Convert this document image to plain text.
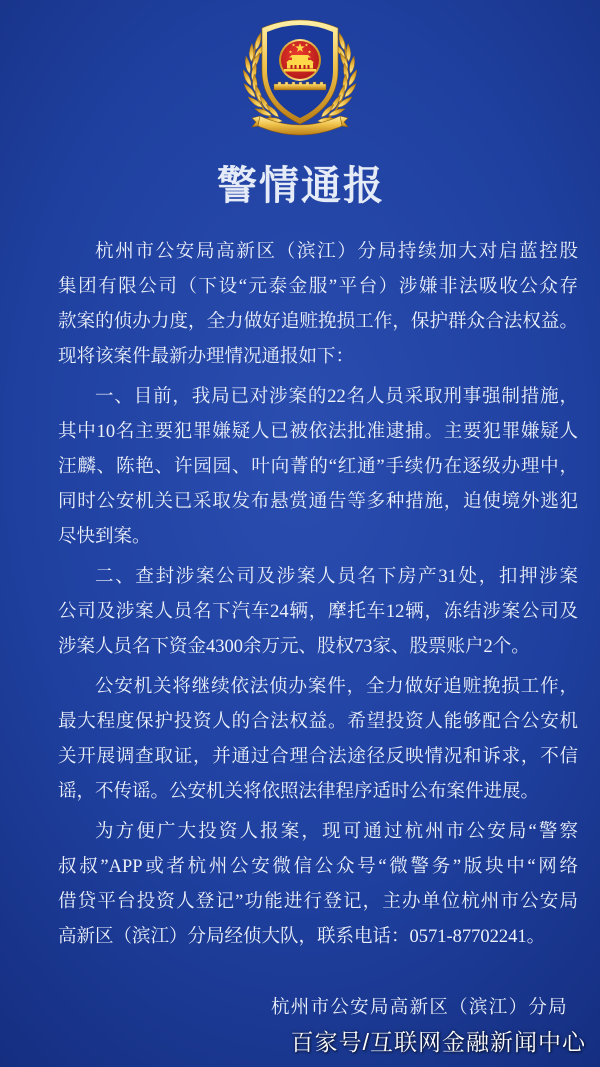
警情通报
杭州市公安局高新区（滨江）分局持续加大对启蓝控股
集团有限公司（下设“元泰金服”平台）涉嫌非法吸收公众存
款案的侦办力度，全力做好追赃挽损工作，保护群众合法权益。
现将该案件最新办理情况通报如下：
一、目前，我局已对涉案的22名人员采取刑事强制措施，
其中10名主要犯罪嫌疑人已被依法批准逮捕。主要犯罪嫌疑人
汪麟、陈艳、许园园、叶向菁的“红通”手续仍在逐级办理中，
同时公安机关已采取发布悬赏通告等多种措施，迫使境外逃犯
尽快到案。
二、查封涉案公司及涉案人员名下房产31处，扣押涉案
公司及涉案人员名下汽车24辆，摩托车12辆，冻结涉案公司及
涉案人员名下资金4300余万元、股权73家、股票账户2个。
公安机关将继续依法侦办案件，全力做好追赃挽损工作，
最大程度保护投资人的合法权益。希望投资人能够配合公安机
关开展调查取证，并通过合理合法途径反映情况和诉求，不信
谣，不传谣。公安机关将依照法律程序适时公布案件进展。
为方便广大投资人报案，现可通过杭州市公安局“警察
叔叔”APP或者杭州公安微信公众号“微警务”版块中“网络
借贷平台投资人登记”功能进行登记，主办单位杭州市公安局
高新区（滨江）分局经侦大队，联系电话：0571-87702241。
杭州市公安局高新区（滨江）分局
百家号/互联网金融新闻中心
